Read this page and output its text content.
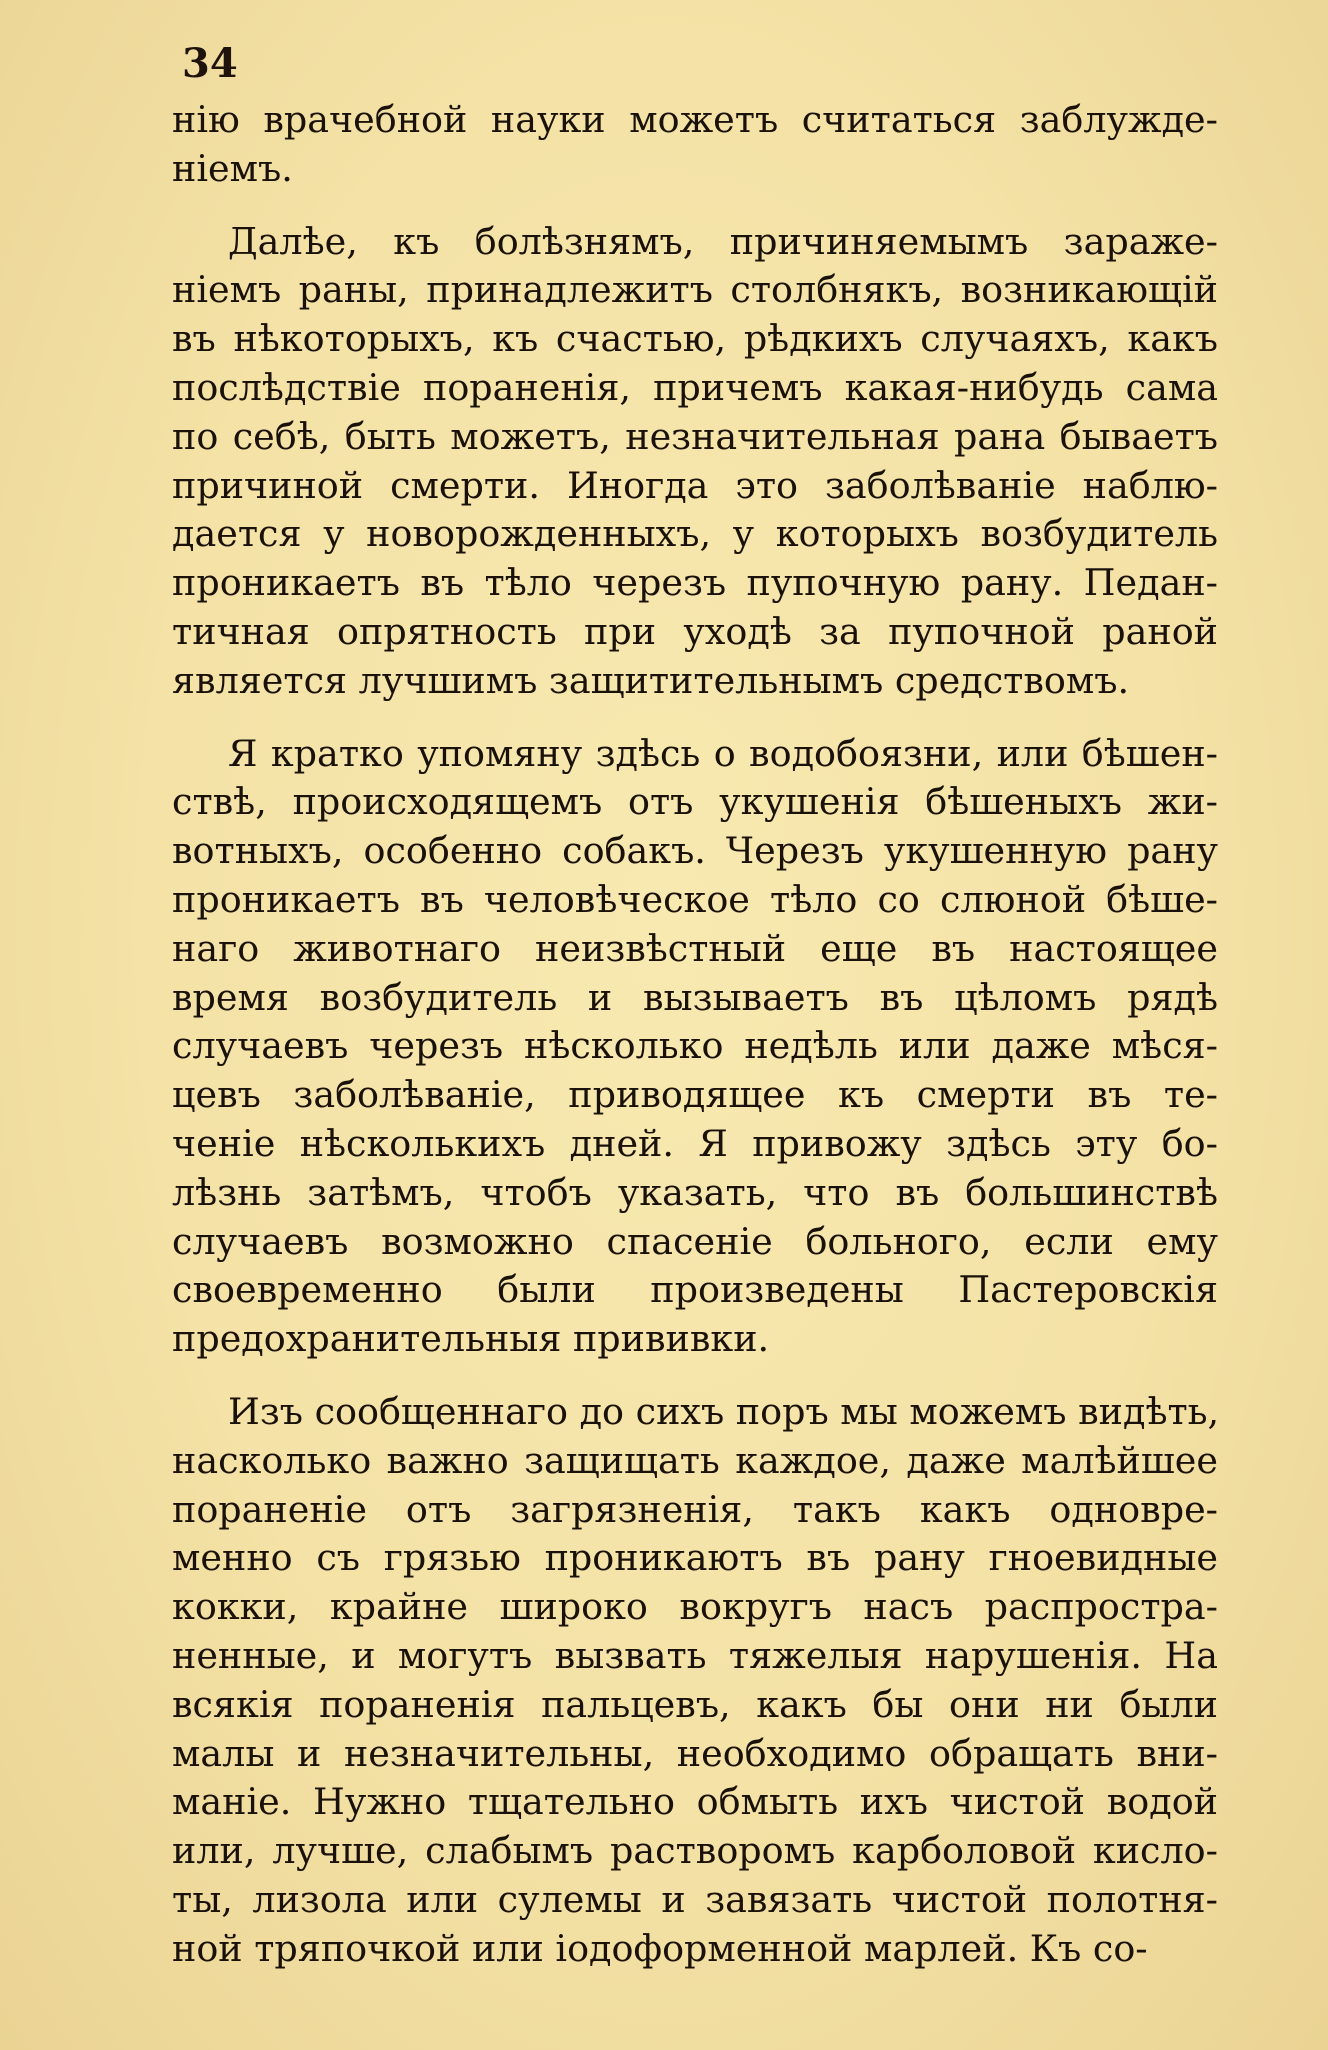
34
нію врачебной науки можетъ считаться заблужде-
ніемъ.
Далѣе, къ болѣзнямъ, причиняемымъ зараже-
ніемъ раны, принадлежитъ столбнякъ, возникающій
въ нѣкоторыхъ, къ счастью, рѣдкихъ случаяхъ, какъ
послѣдствіе пораненія, причемъ какая-нибудь сама
по себѣ, быть можетъ, незначительная рана бываетъ
причиной смерти. Иногда это заболѣваніе наблю-
дается у новорожденныхъ, у которыхъ возбудитель
проникаетъ въ тѣло черезъ пупочную рану. Педан-
тичная опрятность при уходѣ за пупочной раной
является лучшимъ защитительнымъ средствомъ.
Я кратко упомяну здѣсь о водобоязни, или бѣшен-
ствѣ, происходящемъ отъ укушенія бѣшеныхъ жи-
вотныхъ, особенно собакъ. Черезъ укушенную рану
проникаетъ въ человѣческое тѣло со слюной бѣше-
наго животнаго неизвѣстный еще въ настоящее
время возбудитель и вызываетъ въ цѣломъ рядѣ
случаевъ черезъ нѣсколько недѣль или даже мѣся-
цевъ заболѣваніе, приводящее къ смерти въ те-
ченіе нѣсколькихъ дней. Я привожу здѣсь эту бо-
лѣзнь затѣмъ, чтобъ указать, что въ большинствѣ
случаевъ возможно спасеніе больного, если ему
своевременно были произведены Пастеровскія
предохранительныя прививки.
Изъ сообщеннаго до сихъ поръ мы можемъ видѣть,
насколько важно защищать каждое, даже малѣйшее
пораненіе отъ загрязненія, такъ какъ одновре-
менно съ грязью проникаютъ въ рану гноевидные
кокки, крайне широко вокругъ насъ распростра-
ненные, и могутъ вызвать тяжелыя нарушенія. На
всякія пораненія пальцевъ, какъ бы они ни были
малы и незначительны, необходимо обращать вни-
маніе. Нужно тщательно обмыть ихъ чистой водой
или, лучше, слабымъ растворомъ карболовой кисло-
ты, лизола или сулемы и завязать чистой полотня-
ной тряпочкой или іодоформенной марлей. Къ со-
